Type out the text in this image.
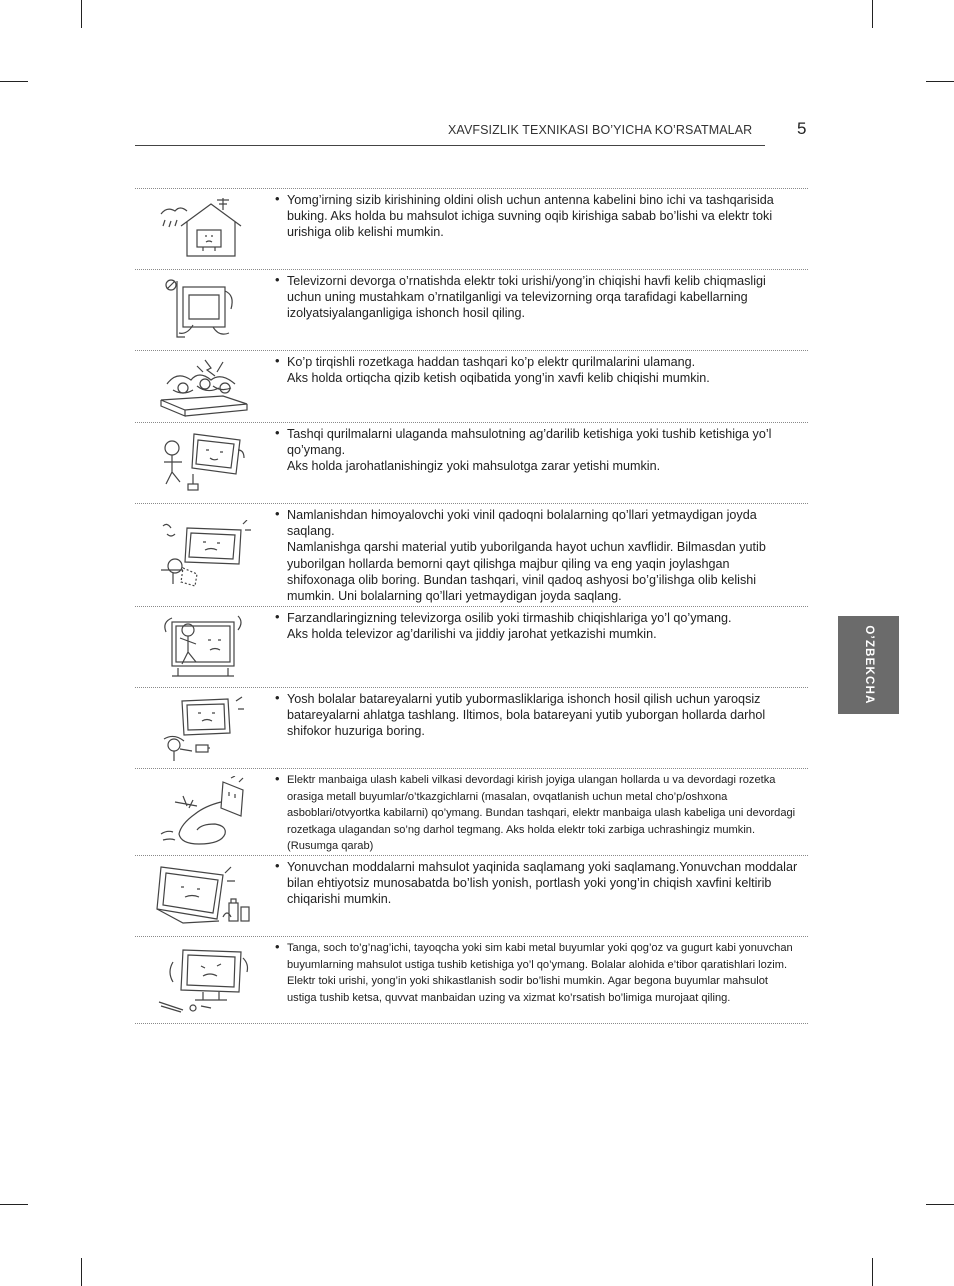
XAVFSIZLIK TEXNIKASI BO’YICHA KO’RSATMALAR	5
O’ZBEKCHA

• Yomg’irning sizib kirishining oldini olish uchun antenna kabelini bino ichi va tashqarisida buking. Aks holda bu mahsulot ichiga suvning oqib kirishiga sabab bo’lishi va elektr toki urishiga olib kelishi mumkin.

• Televizorni devorga o’rnatishda elektr toki urishi/yong’in chiqishi havfi kelib chiqmasligi uchun uning mustahkam o’rnatilganligi va televizorning orqa tarafidagi kabellarning izolyatsiyalanganligiga ishonch hosil qiling.

• Ko’p tirqishli rozetkaga haddan tashqari ko’p elektr qurilmalarini ulamang.

Aks holda ortiqcha qizib ketish oqibatida yong’in xavfi kelib chiqishi mumkin.

• Tashqi qurilmalarni ulaganda mahsulotning ag’darilib ketishiga yoki tushib ketishiga yo’l qo’ymang.

Aks holda jarohatlanishingiz yoki mahsulotga zarar yetishi mumkin.

• Namlanishdan himoyalovchi yoki vinil qadoqni bolalarning qo’llari yetmaydigan joyda saqlang.

Namlanishga qarshi material yutib yuborilganda hayot uchun xavflidir. Bilmasdan yutib yuborilgan hollarda bemorni qayt qilishga majbur qiling va eng yaqin joylashgan shifoxonaga olib boring. Bundan tashqari, vinil qadoq ashyosi bo’g’ilishga olib kelishi mumkin. Uni bolalarning qo’llari yetmaydigan joyda saqlang.

• Farzandlaringizning televizorga osilib yoki tirmashib chiqishlariga yo’l qo’ymang.

Aks holda televizor ag’darilishi va jiddiy jarohat yetkazishi mumkin.

• Yosh bolalar batareyalarni yutib yubormasliklariga ishonch hosil qilish uchun yaroqsiz batareyalarni ahlatga tashlang. Iltimos, bola batareyani yutib yuborgan hollarda darhol shifokor huzuriga boring.

• Elektr manbaiga ulash kabeli vilkasi devordagi kirish joyiga ulangan hollarda u va devordagi rozetka orasiga metall buyumlar/o’tkazgichlarni (masalan, ovqatlanish uchun metal cho’p/oshxona asboblari/otvyortka kabilarni) qo’ymang. Bundan tashqari, elektr manbaiga ulash kabeliga uni devordagi rozetkaga ulagandan so’ng darhol tegmang. Aks holda elektr toki zarbiga uchrashingiz mumkin. (Rusumga qarab)

• Yonuvchan moddalarni mahsulot yaqinida saqlamang yoki saqlamang.Yonuvchan moddalar bilan ehtiyotsiz munosabatda bo’lish yonish, portlash yoki yong’in chiqish xavfini keltirib chiqarishi mumkin.

• Tanga, soch to’g’nag’ichi, tayoqcha yoki sim kabi metal buyumlar yoki qog’oz va gugurt kabi yonuvchan buyumlarning mahsulot ustiga tushib ketishiga yo’l qo’ymang. Bolalar alohida e’tibor qaratishlari lozim. Elektr toki urishi, yong’in yoki shikastlanish sodir bo’lishi mumkin. Agar begona buyumlar mahsulot ustiga tushib ketsa, quvvat manbaidan uzing va xizmat ko’rsatish bo’limiga murojaat qiling.
